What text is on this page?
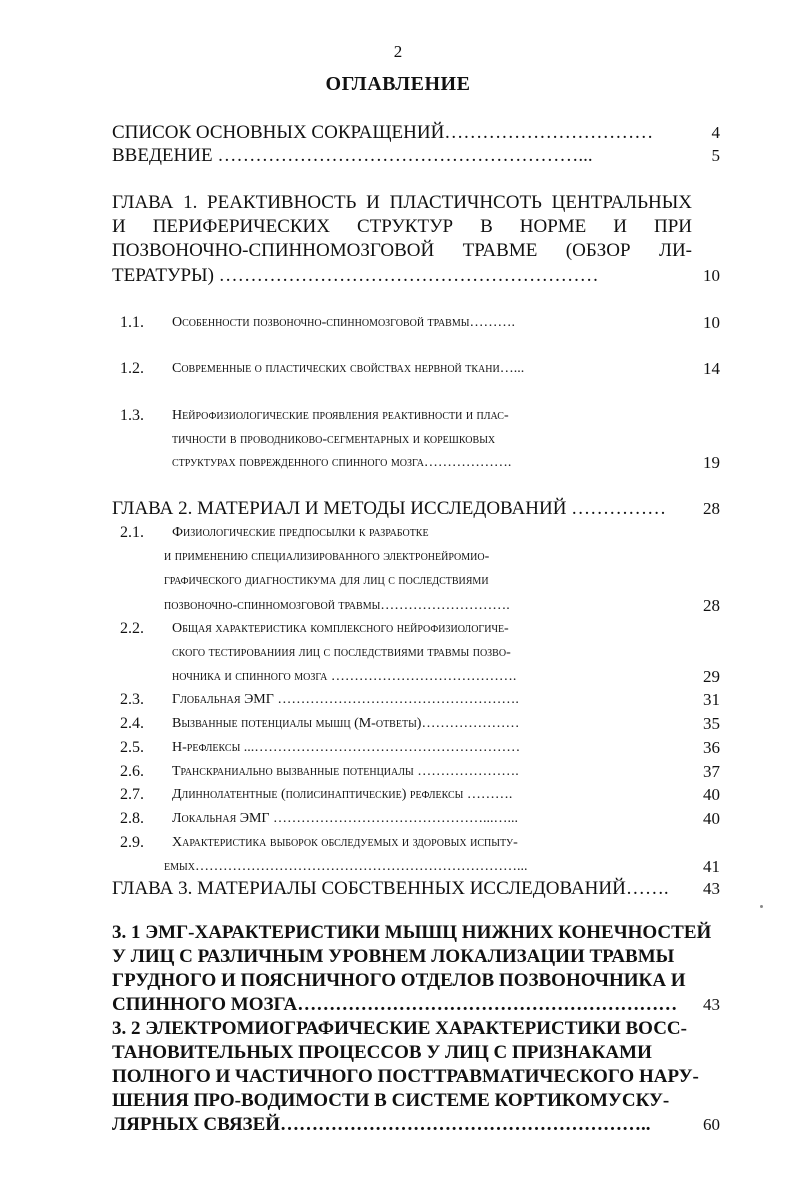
2
ОГЛАВЛЕНИЕ
СПИСОК ОСНОВНЫХ СОКРАЩЕНИЙ……………………………	4
ВВЕДЕНИЕ …………………………………………………...	5
ГЛАВА 1. РЕАКТИВНОСТЬ И ПЛАСТИЧНСОТЬ ЦЕНТРАЛЬНЫХ
И ПЕРИФЕРИЧЕСКИХ СТРУКТУР В НОРМЕ И ПРИ
ПОЗВОНОЧНО-СПИННОМОЗГОВОЙ ТРАВМЕ (ОБЗОР ЛИ-
ТЕРАТУРЫ) ……………………………………………………	10
1.1. Особенности позвоночно-спинномозговой травмы……….	10
1.2. Современные о пластических свойствах нервной ткани…...	14
1.3. Нейрофизиологические проявления реактивности и плас-
тичности в проводниково-сегментарных и корешковых
структурах поврежденного спинного мозга……………….	19
ГЛАВА 2. МАТЕРИАЛ И МЕТОДЫ ИССЛЕДОВАНИЙ …………… 28
2.1. Физиологические предпосылки к разработке
и применению специализированного электронейромио-
графического диагностикума для лиц с последствиями
позвоночно-спинномозговой травмы……………………….	28
2.2. Общая характеристика комплексного нейрофизиологиче-
ского тестированиия лиц с последствиями травмы позво-
ночника и спинного мозга ………………………………….	29
2.3. Глобальная ЭМГ …………………………………………….	31
2.4. Вызванные потенциалы мышц (М-ответы)…………………	35
2.5. Н-рефлексы ...…………………………………………………	36
2.6. Транскраниально вызванные потенциалы ………………….	37
2.7. Длиннолатентные (полисинаптические) рефлексы ……….	40
2.8. Локальная ЭМГ ………………………………………...…...	40
2.9. Характеристика выборок обследуемых и здоровых испыту-
емых……………………………………………………………...	41
ГЛАВА 3. МАТЕРИАЛЫ СОБСТВЕННЫХ ИССЛЕДОВАНИЙ……. 43
3. 1 ЭМГ-ХАРАКТЕРИСТИКИ МЫШЦ НИЖНИХ КОНЕЧНОСТЕЙ
У ЛИЦ С РАЗЛИЧНЫМ УРОВНЕМ ЛОКАЛИЗАЦИИ ТРАВМЫ
ГРУДНОГО И ПОЯСНИЧНОГО ОТДЕЛОВ ПОЗВОНОЧНИКА И
СПИННОГО МОЗГА…………………………………………………… 43
3. 2 ЭЛЕКТРОМИОГРАФИЧЕСКИЕ ХАРАКТЕРИСТИКИ ВОСС-
ТАНОВИТЕЛЬНЫХ ПРОЦЕССОВ У ЛИЦ С ПРИЗНАКАМИ
ПОЛНОГО И ЧАСТИЧНОГО ПОСТТРАВМАТИЧЕСКОГО НАРУ-
ШЕНИЯ ПРО-ВОДИМОСТИ В СИСТЕМЕ КОРТИКОМУСКУ-
ЛЯРНЫХ СВЯЗЕЙ…………………………………………………..	60
